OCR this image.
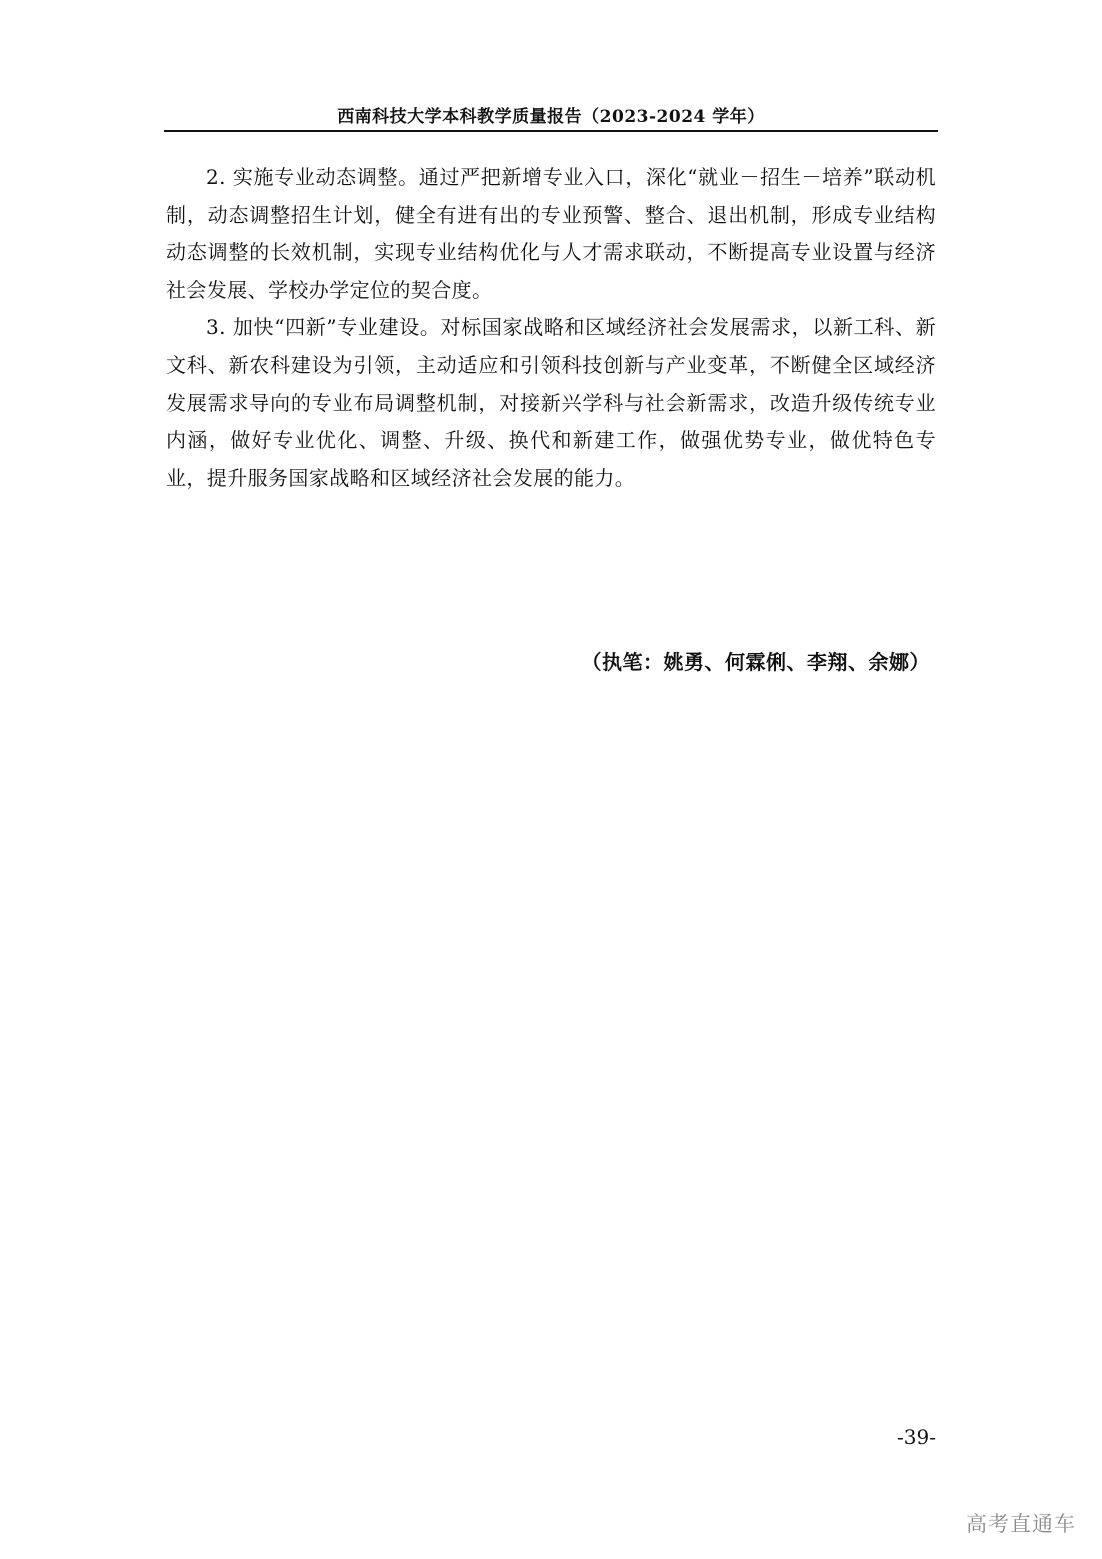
西南科技大学本科教学质量报告（2023-2024 学年）

2. 实施专业动态调整。通过严把新增专业入口，深化“就业－招生－培养”联动机制，动态调整招生计划，健全有进有出的专业预警、整合、退出机制，形成专业结构动态调整的长效机制，实现专业结构优化与人才需求联动，不断提高专业设置与经济社会发展、学校办学定位的契合度。

3. 加快“四新”专业建设。对标国家战略和区域经济社会发展需求，以新工科、新文科、新农科建设为引领，主动适应和引领科技创新与产业变革，不断健全区域经济发展需求导向的专业布局调整机制，对接新兴学科与社会新需求，改造升级传统专业内涵，做好专业优化、调整、升级、换代和新建工作，做强优势专业，做优特色专业，提升服务国家战略和区域经济社会发展的能力。

（执笔：姚勇、何霖俐、李翔、余娜）
-39-
高考直通车
